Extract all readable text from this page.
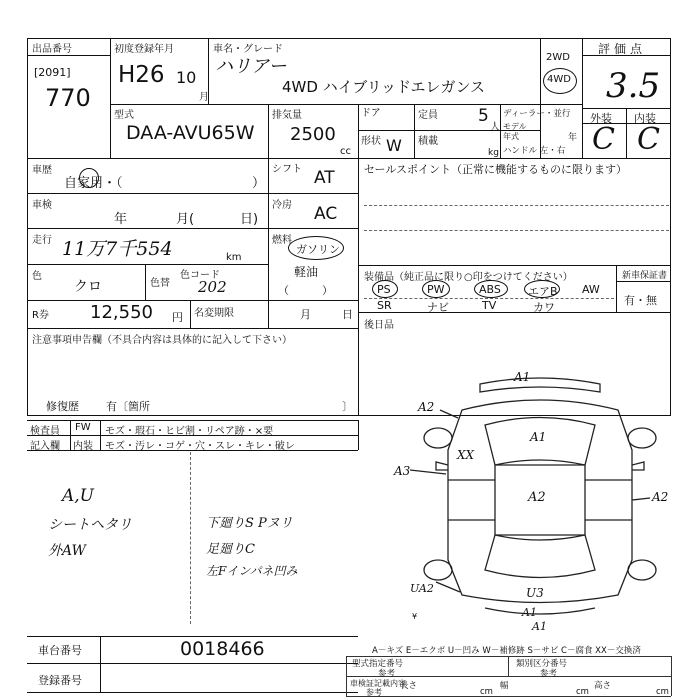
出品番号
[2091]
770
初度登録年月
H26 10
月
車名・グレード
ハリアー
4WD ハイブリッドエレガンス
2WD
4WD
評価点
3.5
型式
DAA-AVU65W
排気量
2500
cc
ドア
形状 W
定員 5
人
積載
kg
ディーラー・並行
モデル
年式	年
ハンドル 左・右
外装 内装
C C
車歴
自家用・（	）
車検
年	月(	日)
走行 11万7千554	km
色
クロ	色替
色コード
202
R券 12,550 円 名変期限	月	日
注意事項申告欄（不具合内容は具体的に記入して下さい）
修復歴 有〔箇所	〕
シフト AT
冷房 AC
燃料
ガソリン
軽油
（　　　）
セールスポイント（正常に機能するものに限ります）
装備品（純正品に限り○印をつけてください）
PS	PW	ABS エアB AW
SR	ナビ	TV	カワ
新車保証書
有・無
後日品
検査員
記入欄
FW
内装
モズ・瑕石・ヒビ割・リペア跡・×要
モズ・汚レ・コゲ・穴・スレ・キレ・破レ
A,U
シートヘタリ
外AW
下廻りS Pヌリ
足廻りC
左Fインパネ凹み
A1
A2
A1
XX
A3
A2	A2
UA2	U3
A1
A1
¥
車台番号	0018466
登録番号
A－キズ E－エクボ U－凹み W－補修跡 S－サビ C－腐食 XX－交換済
型式指定番号
参考
類別区分番号
参考
車検証記載内容
参考
長さ
cm
幅
cm
高さ
cm
